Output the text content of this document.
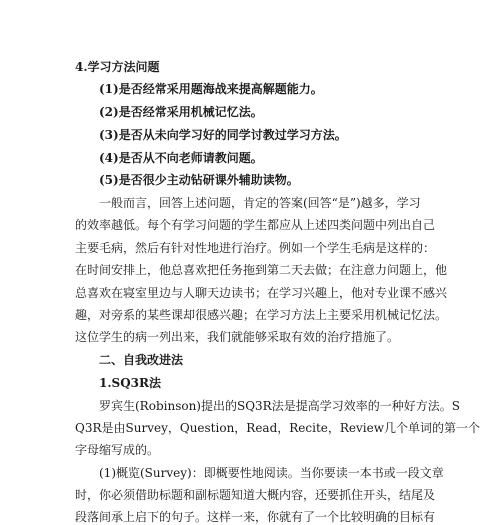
4.学习方法问题
(1)是否经常采用题海战来提高解题能力。
(2)是否经常采用机械记忆法。
(3)是否从未向学习好的同学讨教过学习方法。
(4)是否从不向老师请教问题。
(5)是否很少主动钻研课外辅助读物。
一般而言，回答上述问题，肯定的答案(回答“是”)越多，学习
的效率越低。每个有学习问题的学生都应从上述四类问题中列出自己
主要毛病，然后有针对性地进行治疗。例如一个学生毛病是这样的：
在时间安排上，他总喜欢把任务拖到第二天去做；在注意力问题上，他
总喜欢在寝室里边与人聊天边读书；在学习兴趣上，他对专业课不感兴
趣，对旁系的某些课却很感兴趣；在学习方法上主要采用机械记忆法。
这位学生的病一列出来，我们就能够采取有效的治疗措施了。
二、自我改进法
1.SQ3R法
罗宾生(Robinson)提出的SQ3R法是提高学习效率的一种好方法。S
Q3R是由Survey，Question，Read，Recite，Review几个单词的第一个
字母缩写成的。
(1)概览(Survey)：即概要性地阅读。当你要读一本书或一段文章
时，你必须借助标题和副标题知道大概内容，还要抓住开头，结尾及
段落间承上启下的句子。这样一来，你就有了一个比较明确的目标有
